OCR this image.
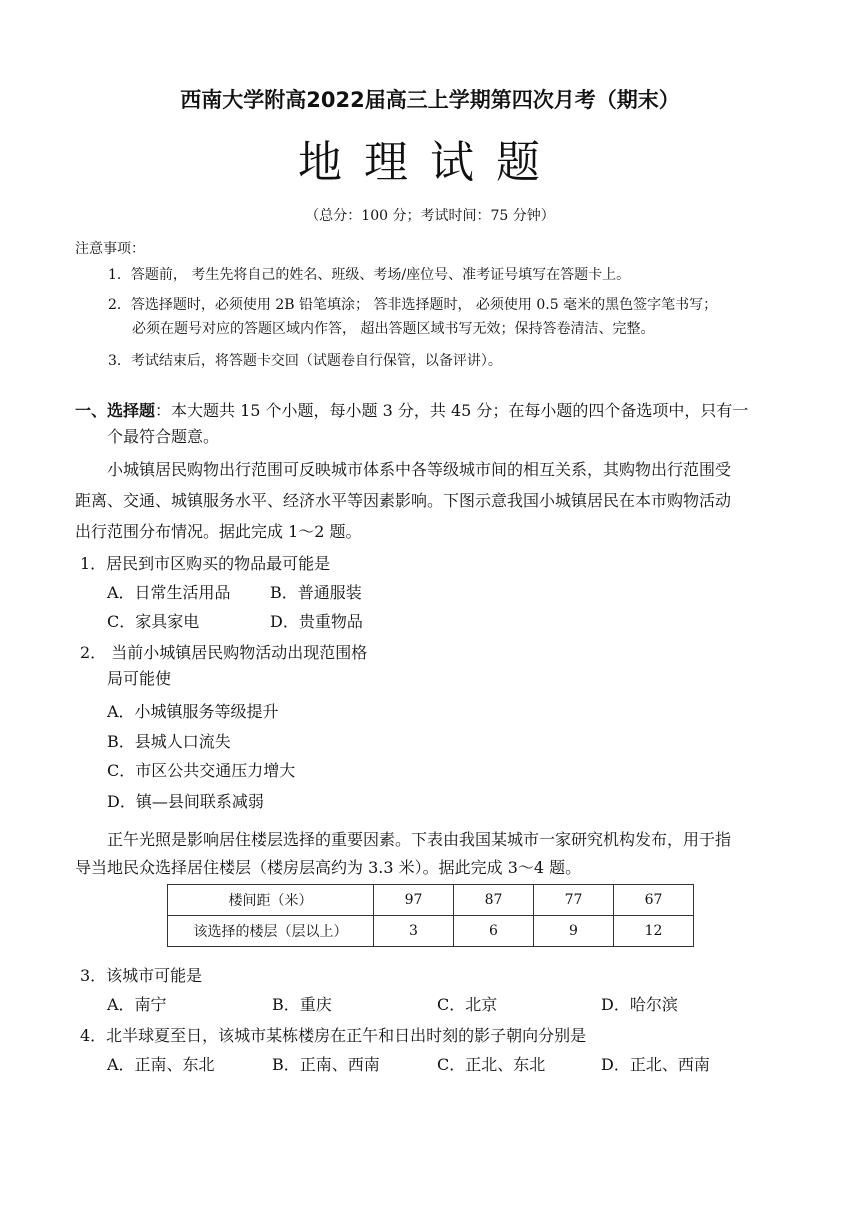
西南大学附高2022届高三上学期第四次月考（期末）
地理试题
（总分：100 分；考试时间：75 分钟）
注意事项：
1．答题前， 考生先将自己的姓名、班级、考场/座位号、准考证号填写在答题卡上。
2．答选择题时，必须使用 2B 铅笔填涂； 答非选择题时， 必须使用 0.5 毫米的黑色签字笔书写；
必须在题号对应的答题区域内作答， 超出答题区域书写无效；保持答卷清洁、完整。
3．考试结束后，将答题卡交回（试题卷自行保管，以备评讲）。
一、选择题：本大题共 15 个小题，每小题 3 分，共 45 分；在每小题的四个备选项中，只有一
个最符合题意。
小城镇居民购物出行范围可反映城市体系中各等级城市间的相互关系，其购物出行范围受
距离、交通、城镇服务水平、经济水平等因素影响。下图示意我国小城镇居民在本市购物活动
出行范围分布情况。据此完成 1～2 题。
1．居民到市区购买的物品最可能是
A．日常生活用品 B．普通服装
C．家具家电	D．贵重物品
2． 当前小城镇居民购物活动出现范围格
局可能使
A．小城镇服务等级提升
B．县城人口流失
C．市区公共交通压力增大
D．镇—县间联系减弱
正午光照是影响居住楼层选择的重要因素。下表由我国某城市一家研究机构发布，用于指
导当地民众选择居住楼层（楼房层高约为 3.3 米）。据此完成 3～4 题。
楼间距（米）	97	87	77	67
该选择的楼层（层以上）	3	6	9	12
3．该城市可能是
A．南宁	B．重庆	C．北京	D．哈尔滨
4．北半球夏至日，该城市某栋楼房在正午和日出时刻的影子朝向分别是
A．正南、东北	B．正南、西南	C．正北、东北	D．正北、西南
